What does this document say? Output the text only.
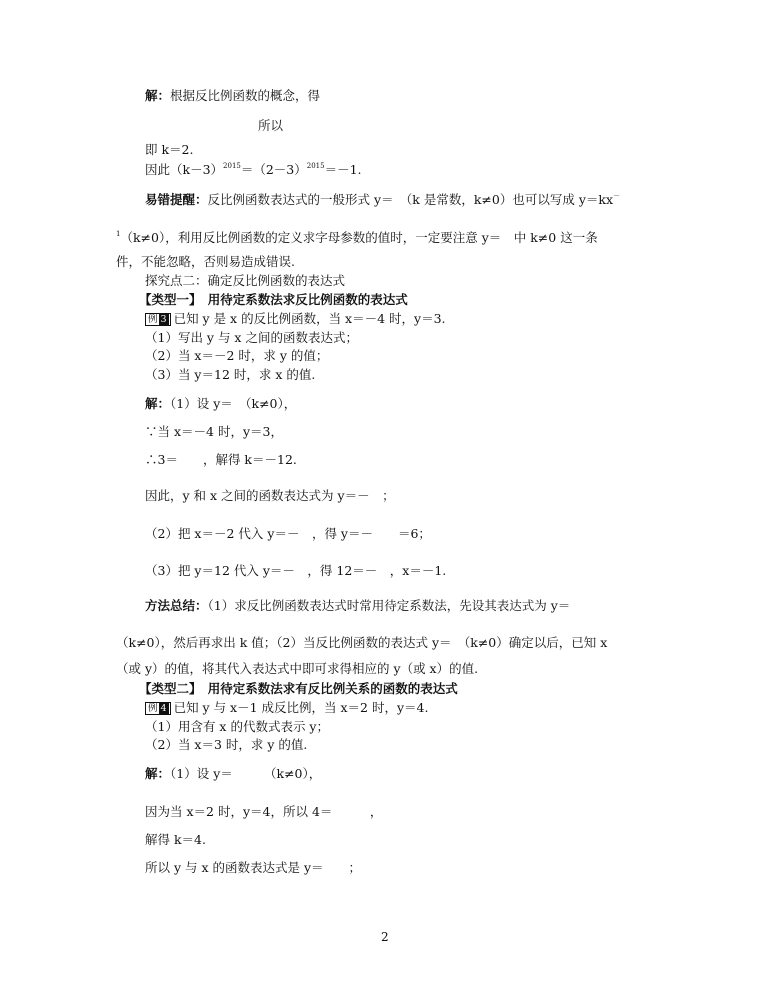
解：根据反比例函数的概念，得
所以
即 k＝2.
因此$(k-3)^{2015}=(2-3)^{2015}=-1$.
易错提醒：反比例函数表达式的一般形式 y＝　（k 是常数，k≠0）也可以写成 y＝kx－
$^1$（k≠0），利用反比例函数的定义求字母参数的值时，一定要注意 y＝　中 k≠0 这一条
件，不能忽略，否则易造成错误.
探究点二：确定反比例函数的表达式
【类型一】　用待定系数法求反比例函数的表达式
例 3 已知 y 是 x 的反比例函数，当 x＝－4 时，y＝3.
（1）写出 y 与 x 之间的函数表达式；
（2）当 x＝－2 时，求 y 的值；
（3）当 y＝12 时，求 x 的值.
解：（1）设 y＝　（k≠0），
∵当 x＝－4 时，y＝3，
∴3＝　　，解得 k＝－12.
因此，y 和 x 之间的函数表达式为 y＝－　；
（2）把 x＝－2 代入 y＝－　，得 y＝－　　＝6；
（3）把 y＝12 代入 y＝－　，得 12＝－　，x＝－1.
方法总结：（1）求反比例函数表达式时常用待定系数法，先设其表达式为 y＝
（k≠0），然后再求出 k 值；（2）当反比例函数的表达式 y＝　（k≠0）确定以后，已知 x
（或 y）的值，将其代入表达式中即可求得相应的 y（或 x）的值.
【类型二】　用待定系数法求有反比例关系的函数的表达式
例 4 已知 y 与 x－1 成反比例，当 x＝2 时，y＝4.
（1）用含有 x 的代数式表示 y；
（2）当 x＝3 时，求 y 的值.
解：（1）设 y＝　　　（k≠0），
因为当 x＝2 时，y＝4，所以 4＝　　　，
解得 k＝4.
所以 y 与 x 的函数表达式是 y＝　　；
2
